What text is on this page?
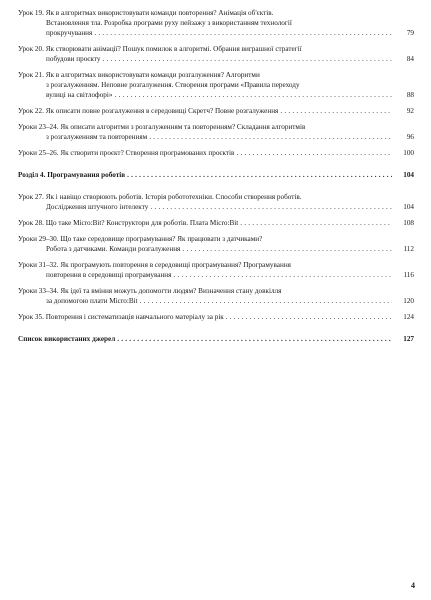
Урок 19. Як в алгоритмах використовувати команди повторення? Анімація об'єктів.
Встановлення тла. Розробка програми руху пейзажу з використанням технології
прокручування . . .	79
Урок 20. Як створювати анімації? Пошук помилок в алгоритмі. Обрання виграшної стратегії
побудови проєкту . . .	84
Урок 21. Як в алгоритмах використовувати команди розгалуження? Алгоритми
з розгалуженням. Неповне розгалуження. Створення програми «Правила переходу
вулиці на світлофорі» . . .	88
Урок 22. Як описати повне розгалуження в середовищі Скретч? Повне розгалуження . . .	92
Уроки 23–24. Як описати алгоритми з розгалуженням та повторенням? Складання алгоритмів
з розгалуженням та повторенням . . .	96
Уроки 25–26. Як створити проєкт? Створення програмованих проєктів . . .	100
Розділ 4. Програмування роботів . . .	104
Урок 27. Як і навіщо створюють роботів. Історія робототехніки. Способи створення роботів.
Дослідження штучного інтелекту . . .	104
Урок 28. Що таке Micro:Bit? Конструктори для роботів. Плата Micro:Bit . . .	108
Уроки 29–30. Що таке середовище програмування? Як працювати з датчиками?
Робота з датчиками. Команди розгалуження . . .	112
Уроки 31–32. Як програмують повторення в середовищі програмування? Програмування
повторення в середовищі програмування . . .	116
Уроки 33–34. Як ідеї та вміння можуть допомогти людям? Визначення стану довкілля
за допомогою плати Micro:Bit . . .	120
Урок 35. Повторення і систематизація навчального матеріалу за рік . . .	124
Список використаних джерел . . .	127
4
